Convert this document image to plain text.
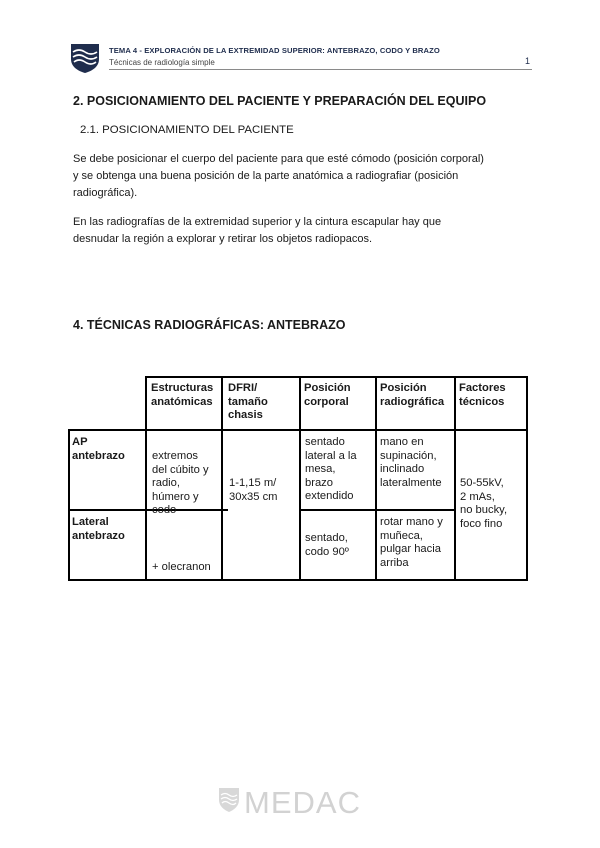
TEMA 4 - EXPLORACIÓN DE LA EXTREMIDAD SUPERIOR: ANTEBRAZO, CODO Y BRAZO
Técnicas de radiología simple	1
2. POSICIONAMIENTO DEL PACIENTE Y PREPARACIÓN DEL EQUIPO
2.1. POSICIONAMIENTO DEL PACIENTE

Se debe posicionar el cuerpo del paciente para que esté cómodo (posición corporal)
y se obtenga una buena posición de la parte anatómica a radiografiar (posición
radiográfica).

En las radiografías de la extremidad superior y la cintura escapular hay que
desnudar la región a explorar y retirar los objetos radiopacos.

4. TÉCNICAS RADIOGRÁFICAS: ANTEBRAZO
Estructuras
anatómicas
DFRI/
tamaño
chasis
Posición
corporal
Posición
radiográfica
Factores
técnicos
AP
antebrazo
Lateral
antebrazo
extremos
del cúbito y
radio,
húmero y
codo
+ olecranon
1-1,15 m/
30x35 cm
sentado
lateral a la
mesa,
brazo
extendido
sentado,
codo 90º
mano en
supinación,
inclinado
lateralmente
rotar mano y
muñeca,
pulgar hacia
arriba
50-55kV,
2 mAs,
no bucky,
foco fino
MEDAC
